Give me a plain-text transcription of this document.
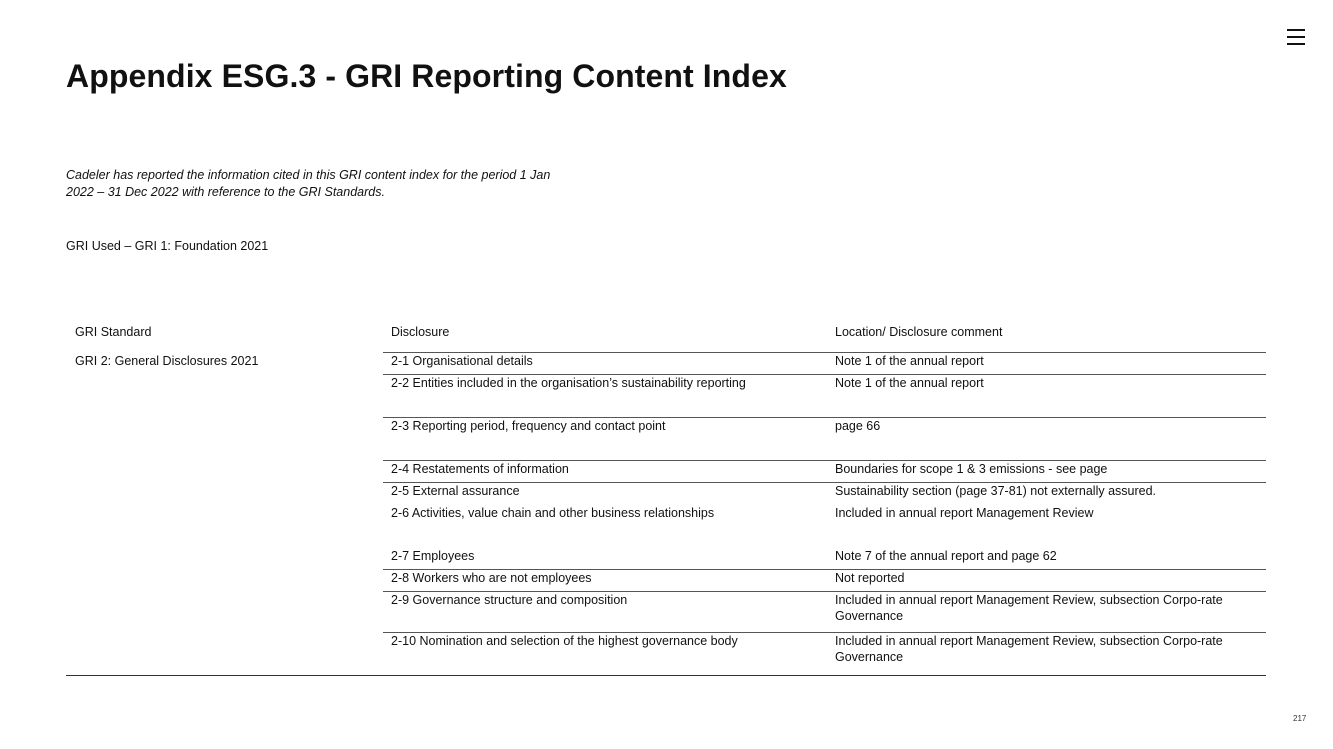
Appendix ESG.3 - GRI Reporting Content Index

Cadeler has reported the information cited in this GRI content index for the period 1 Jan
2022 – 31 Dec 2022 with reference to the GRI Standards.

GRI Used – GRI 1: Foundation 2021

GRI Standard	Disclosure	Location/ Disclosure comment
GRI 2: General Disclosures 2021	2-1 Organisational details	Note 1 of the annual report
2-2 Entities included in the organisation’s sustainability reporting	Note 1 of the annual report
2-3 Reporting period, frequency and contact point	page 66
2-4 Restatements of information	Boundaries for scope 1 & 3 emissions - see page
2-5 External assurance	Sustainability section (page 37-81) not externally assured.
2-6 Activities, value chain and other business relationships	Included in annual report Management Review
2-7 Employees	Note 7 of the annual report and page 62
2-8 Workers who are not employees	Not reported
2-9 Governance structure and composition	Included in annual report Management Review, subsection Corpo-rate Governance
2-10 Nomination and selection of the highest governance body	Included in annual report Management Review, subsection Corpo-rate Governance
217
